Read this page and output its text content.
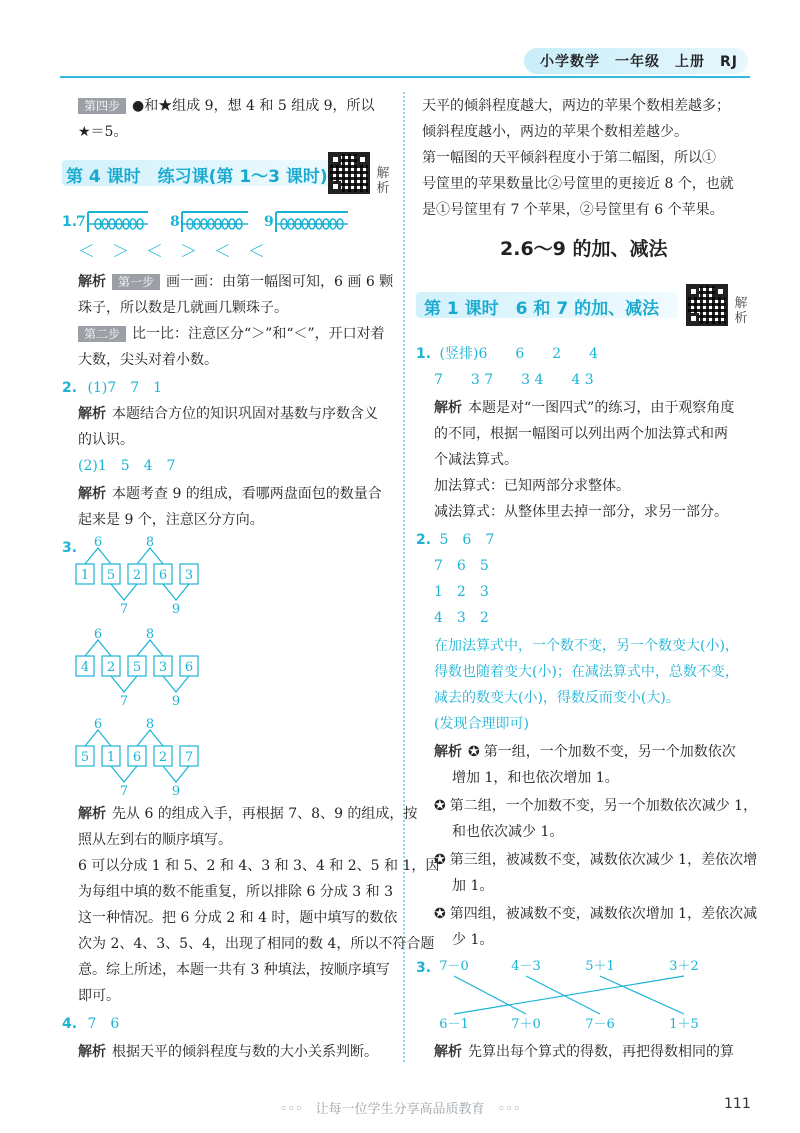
小学数学　一年级　上册　RJ
第四步 ●和★组成 9，想 4 和 5 组成 9，所以
★＝5。
第 4 课时　练习课(第 1～3 课时)	解析
1.
7	8	9
＜　＞　＜　＞　＜　＜
解析 第一步 画一画：由第一幅图可知，6 画 6 颗
珠子，所以数是几就画几颗珠子。
第二步 比一比：注意区分“＞”和“＜”，开口对着
大数，尖头对着小数。
2. (1)7　7　1
解析 本题结合方位的知识巩固对基数与序数含义
的认识。
(2)1　5　4　7
解析 本题考查 9 的组成，看哪两盘面包的数量合
起来是 9 个，注意区分方向。
3. 6	8
1 5 2 6 3
7	9
6	8
4 2 5 3 6
7	9
6	8
5 1 6 2 7
7	9
解析 先从 6 的组成入手，再根据 7、8、9 的组成，按
照从左到右的顺序填写。
6 可以分成 1 和 5、2 和 4、3 和 3、4 和 2、5 和 1，因
为每组中填的数不能重复，所以排除 6 分成 3 和 3
这一种情况。把 6 分成 2 和 4 时，题中填写的数依
次为 2、4、3、5、4，出现了相同的数 4，所以不符合题
意。综上所述，本题一共有 3 种填法，按顺序填写
即可。
4. 7　6
解析 根据天平的倾斜程度与数的大小关系判断。
天平的倾斜程度越大，两边的苹果个数相差越多；
倾斜程度越小，两边的苹果个数相差越少。
第一幅图的天平倾斜程度小于第二幅图，所以①
号筐里的苹果数量比②号筐里的更接近 8 个，也就
是①号筐里有 7 个苹果，②号筐里有 6 个苹果。
2.6～9 的加、减法
第 1 课时　6 和 7 的加、减法	解析
1. (竖排)6　　6　　2　　4
7　　3 7　　3 4　　4 3
解析 本题是对“一图四式”的练习，由于观察角度
的不同，根据一幅图可以列出两个加法算式和两
个减法算式。
加法算式：已知两部分求整体。
减法算式：从整体里去掉一部分，求另一部分。
2. 5　6　7
7　6　5
1　2　3
4　3　2
在加法算式中，一个数不变，另一个数变大(小)，
得数也随着变大(小)；在减法算式中，总数不变，
减去的数变大(小)，得数反而变小(大)。
(发现合理即可)
解析 ✪ 第一组，一个加数不变，另一个加数依次
增加 1，和也依次增加 1。
✪ 第二组，一个加数不变，另一个加数依次减少 1，
和也依次减少 1。
✪ 第三组，被减数不变，减数依次减少 1，差依次增
加 1。
✪ 第四组，被减数不变，减数依次增加 1，差依次减
少 1。
3. 7－0	4－3	5＋1	3＋2
6－1	7＋0	7－6	1＋5
解析 先算出每个算式的得数，再把得数相同的算
◦◦◦　让每一位学生分享高品质教育　◦◦◦	111
